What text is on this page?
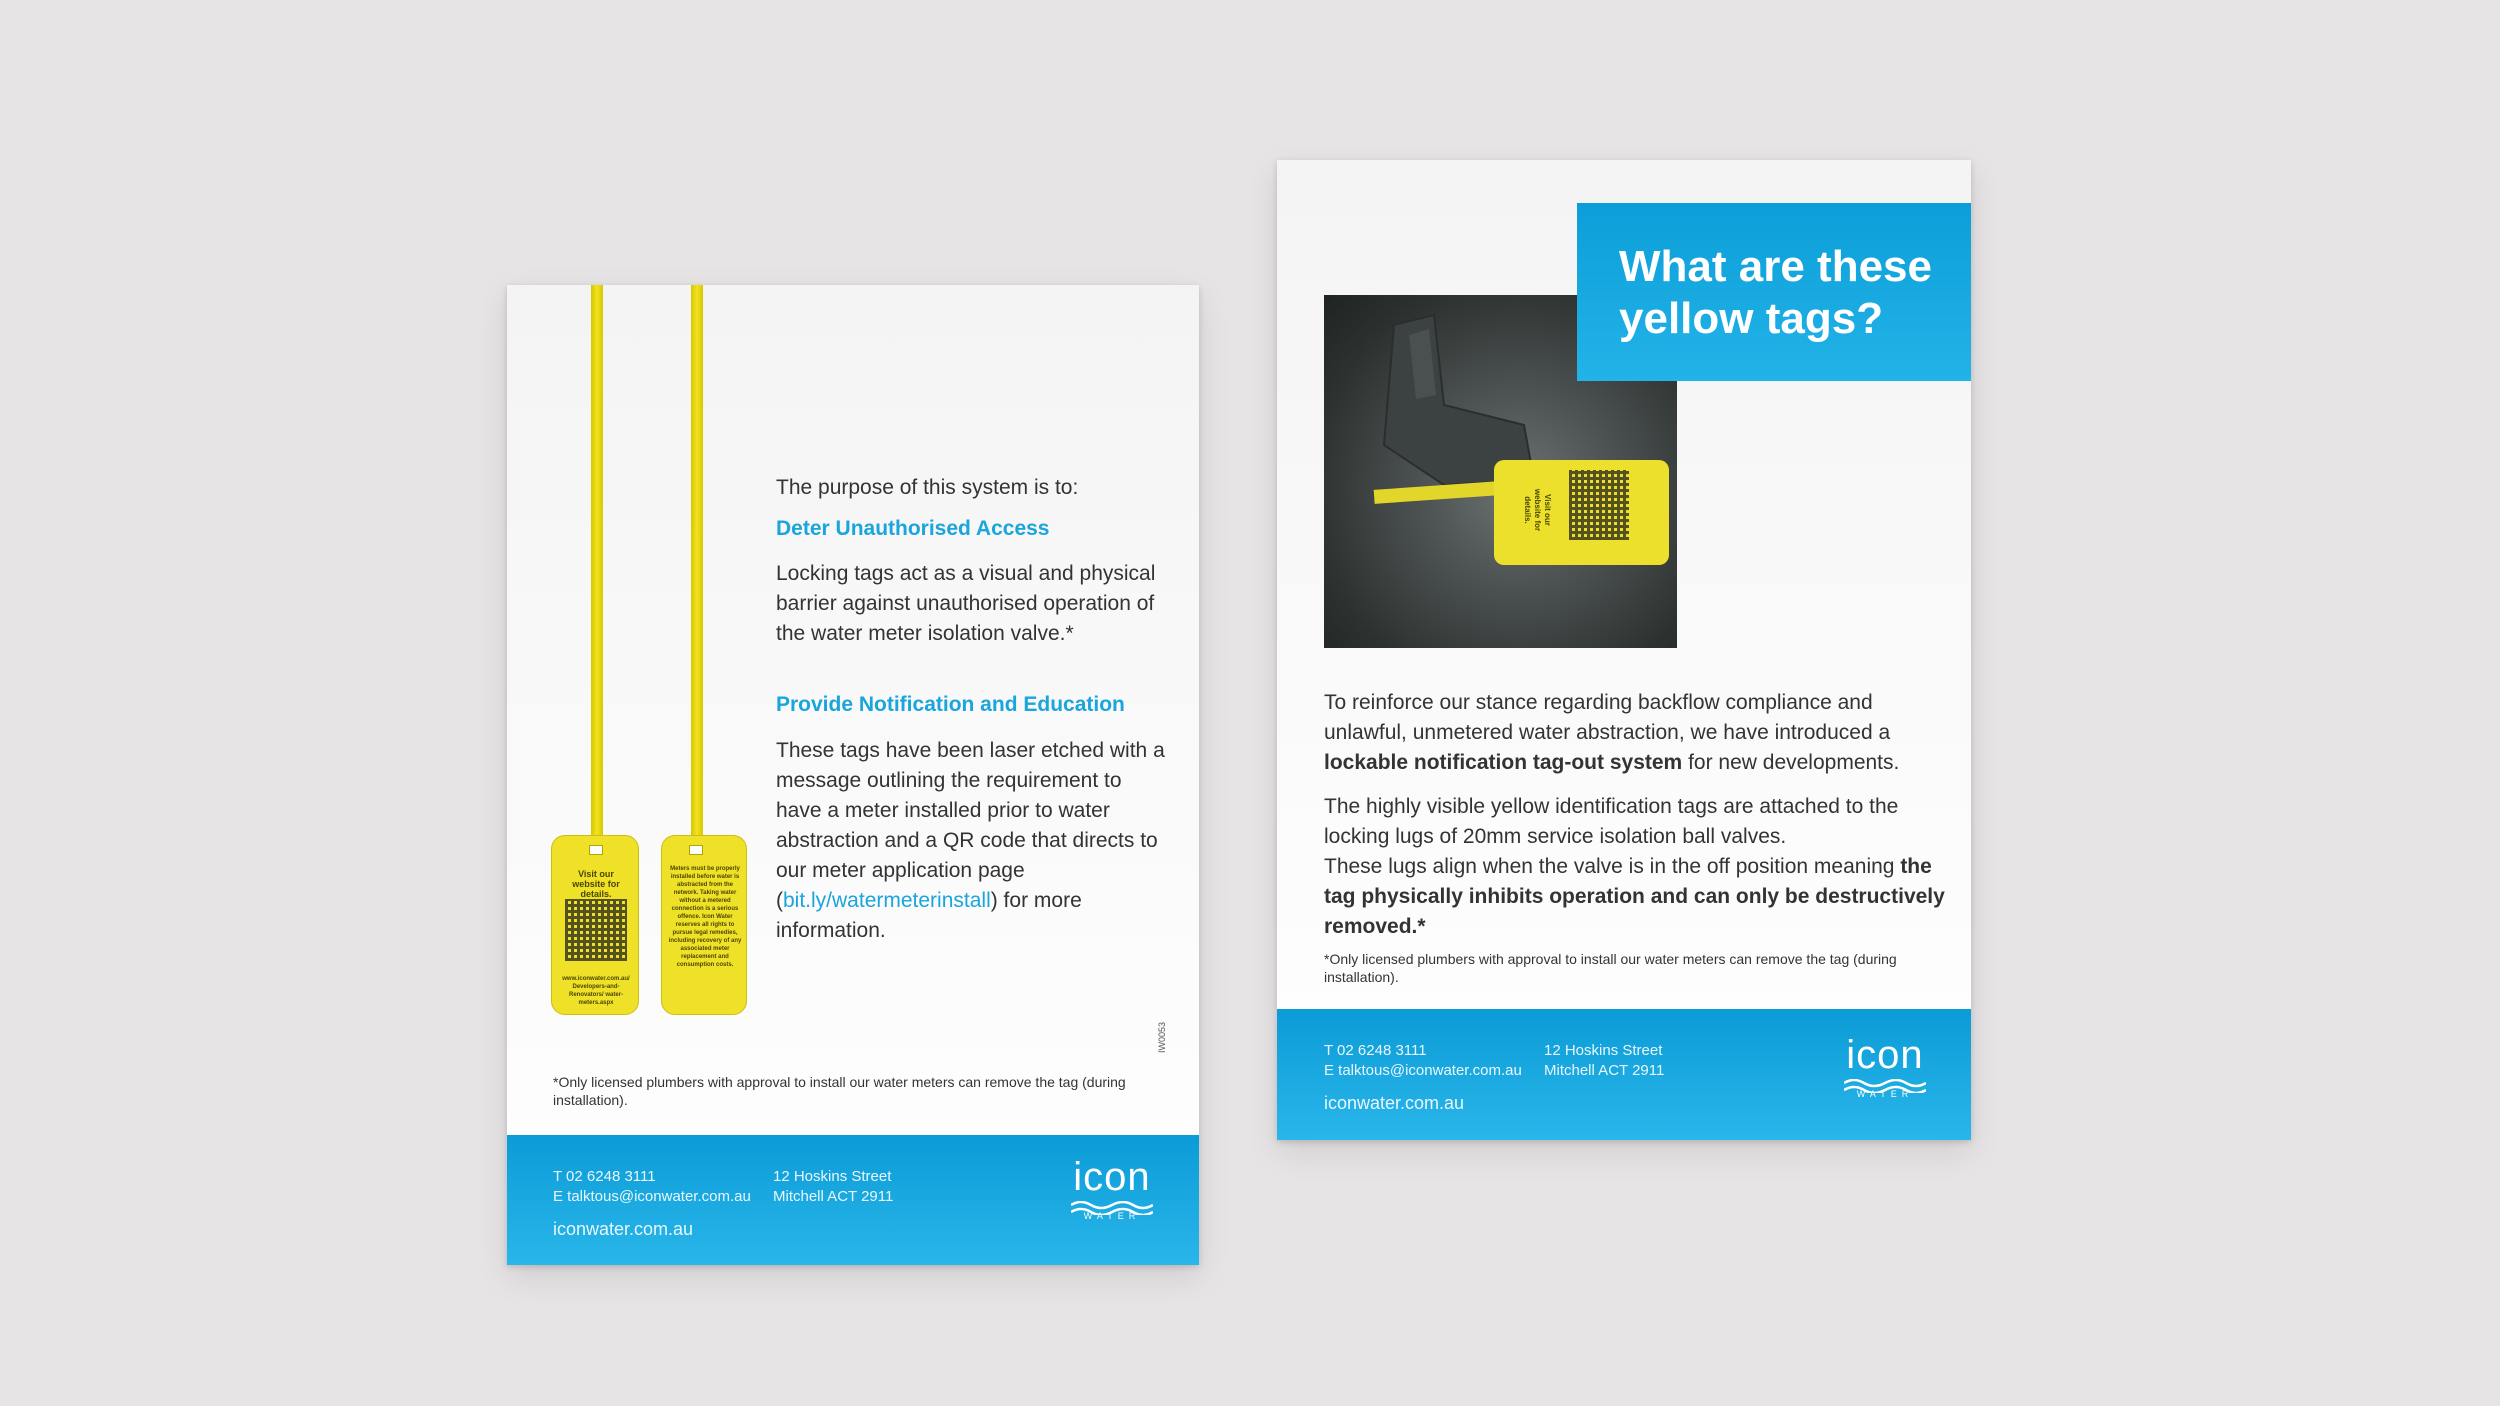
Visit our website for details.
www.iconwater.com.au/ Developers-and-Renovators/ water-meters.aspx
Meters must be properly installed before water is abstracted from the network. Taking water without a metered connection is a serious offence. Icon Water reserves all rights to pursue legal remedies, including recovery of any associated meter replacement and consumption costs.
The purpose of this system is to:
Deter Unauthorised Access
Locking tags act as a visual and physical barrier against unauthorised operation of the water meter isolation valve.*
Provide Notification and Education
These tags have been laser etched with a message outlining the requirement to have a meter installed prior to water abstraction and a QR code that directs to our meter application page (bit.ly/watermeterinstall) for more information.
IW0053
*Only licensed plumbers with approval to install our water meters can remove the tag (during installation).
T 02 6248 3111
E talktous@iconwater.com.au
12 Hoskins Street
Mitchell ACT 2911
iconwater.com.au
icon
WATER
Visit our website for details.
What are these
yellow tags?
To reinforce our stance regarding backflow compliance and unlawful, unmetered water abstraction, we have introduced a lockable notification tag-out system for new developments.
The highly visible yellow identification tags are attached to the locking lugs of 20mm service isolation ball valves.
These lugs align when the valve is in the off position meaning the tag physically inhibits operation and can only be destructively removed.*
*Only licensed plumbers with approval to install our water meters can remove the tag (during installation).
T 02 6248 3111
E talktous@iconwater.com.au
12 Hoskins Street
Mitchell ACT 2911
iconwater.com.au
icon
WATER
